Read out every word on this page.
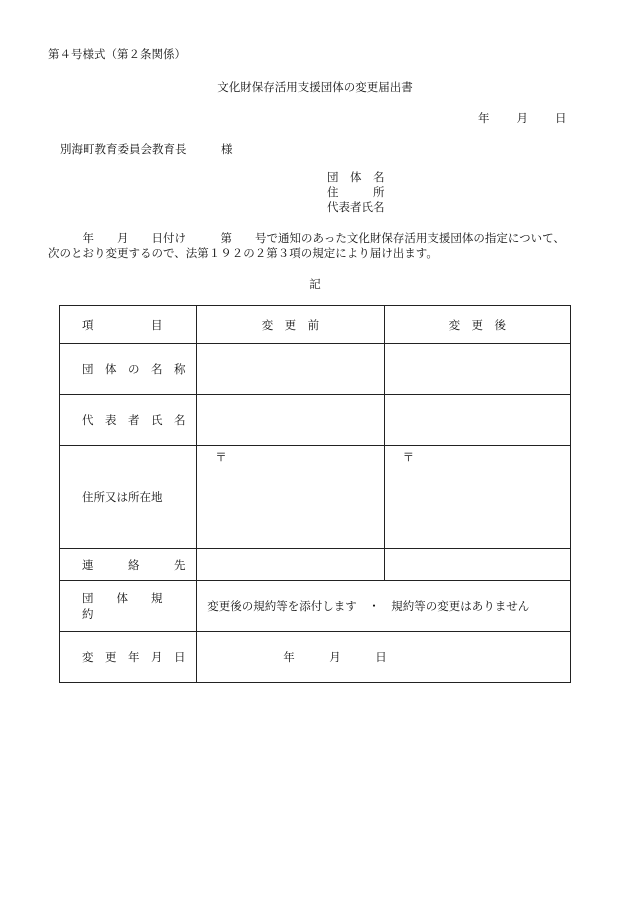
第４号様式（第２条関係）
文化財保存活用支援団体の変更届出書
年 月 日
別海町教育委員会教育長　　　様
団　体　名
住　　　所
代表者氏名
　　　年　　月　　日付け　　　第　　号で通知のあった文化財保存活用支援団体の指定について、
次のとおり変更するので、法第１９２の２第３項の規定により届け出ます。
記
項　　　　　目	変　更　前	変　更　後
団　体　の　名　称		
代　表　者　氏　名		
住所又は所在地	〒	〒
連　　　絡　　　先		
団　　体　　規　　約	変更後の規約等を添付します　・　規約等の変更はありません	
変　更　年　月　日	年　　　月　　　日	
